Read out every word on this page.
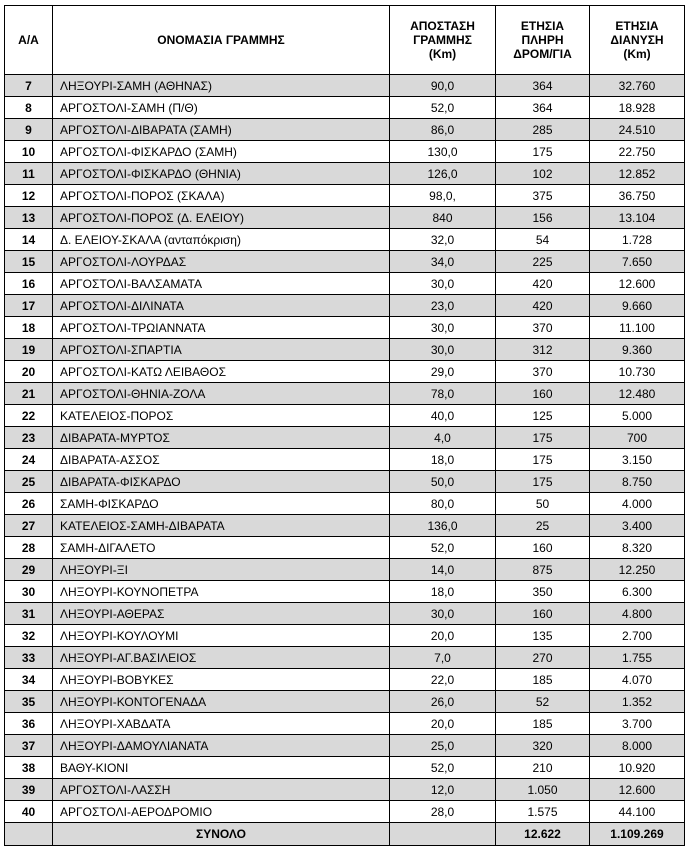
Α/Α	ΟΝΟΜΑΣΙΑ ΓΡΑΜΜΗΣ	ΑΠΟΣΤΑΣΗ
ΓΡΑΜΜΗΣ
(Km)	ΕΤΗΣΙΑ
ΠΛΗΡΗ
ΔΡΟΜ/ΓΙΑ	ΕΤΗΣΙΑ
ΔΙΑΝΥΣΗ
(Km)
7	ΛΗΞΟΥΡΙ-ΣΑΜΗ (ΑΘΗΝΑΣ)	90,0	364	32.760
8	ΑΡΓΟΣΤΟΛΙ-ΣΑΜΗ (Π/Θ)	52,0	364	18.928
9	ΑΡΓΟΣΤΟΛΙ-ΔΙΒΑΡΑΤΑ (ΣΑΜΗ)	86,0	285	24.510
10	ΑΡΓΟΣΤΟΛΙ-ΦΙΣΚΑΡΔΟ (ΣΑΜΗ)	130,0	175	22.750
11	ΑΡΓΟΣΤΟΛΙ-ΦΙΣΚΑΡΔΟ (ΘΗΝΙΑ)	126,0	102	12.852
12	ΑΡΓΟΣΤΟΛΙ-ΠΟΡΟΣ (ΣΚΑΛΑ)	98,0,	375	36.750
13	ΑΡΓΟΣΤΟΛΙ-ΠΟΡΟΣ (Δ. ΕΛΕΙΟΥ)	840	156	13.104
14	Δ. ΕΛΕΙΟΥ-ΣΚΑΛΑ (ανταπόκριση)	32,0	54	1.728
15	ΑΡΓΟΣΤΟΛΙ-ΛΟΥΡΔΑΣ	34,0	225	7.650
16	ΑΡΓΟΣΤΟΛΙ-ΒΑΛΣΑΜΑΤΑ	30,0	420	12.600
17	ΑΡΓΟΣΤΟΛΙ-ΔΙΛΙΝΑΤΑ	23,0	420	9.660
18	ΑΡΓΟΣΤΟΛΙ-ΤΡΩΙΑΝΝΑΤΑ	30,0	370	11.100
19	ΑΡΓΟΣΤΟΛΙ-ΣΠΑΡΤΙΑ	30,0	312	9.360
20	ΑΡΓΟΣΤΟΛΙ-ΚΑΤΩ ΛΕΙΒΑΘΟΣ	29,0	370	10.730
21	ΑΡΓΟΣΤΟΛΙ-ΘΗΝΙΑ-ΖΟΛΑ	78,0	160	12.480
22	ΚΑΤΕΛΕΙΟΣ-ΠΟΡΟΣ	40,0	125	5.000
23	ΔΙΒΑΡΑΤΑ-ΜΥΡΤΟΣ	4,0	175	700
24	ΔΙΒΑΡΑΤΑ-ΑΣΣΟΣ	18,0	175	3.150
25	ΔΙΒΑΡΑΤΑ-ΦΙΣΚΑΡΔΟ	50,0	175	8.750
26	ΣΑΜΗ-ΦΙΣΚΑΡΔΟ	80,0	50	4.000
27	ΚΑΤΕΛΕΙΟΣ-ΣΑΜΗ-ΔΙΒΑΡΑΤΑ	136,0	25	3.400
28	ΣΑΜΗ-ΔΙΓΑΛΕΤΟ	52,0	160	8.320
29	ΛΗΞΟΥΡΙ-ΞΙ	14,0	875	12.250
30	ΛΗΞΟΥΡΙ-ΚΟΥΝΟΠΕΤΡΑ	18,0	350	6.300
31	ΛΗΞΟΥΡΙ-ΑΘΕΡΑΣ	30,0	160	4.800
32	ΛΗΞΟΥΡΙ-ΚΟΥΛΟΥΜΙ	20,0	135	2.700
33	ΛΗΞΟΥΡΙ-ΑΓ.ΒΑΣΙΛΕΙΟΣ	7,0	270	1.755
34	ΛΗΞΟΥΡΙ-ΒΟΒΥΚΕΣ	22,0	185	4.070
35	ΛΗΞΟΥΡΙ-ΚΟΝΤΟΓΕΝΑΔΑ	26,0	52	1.352
36	ΛΗΞΟΥΡΙ-ΧΑΒΔΑΤΑ	20,0	185	3.700
37	ΛΗΞΟΥΡΙ-ΔΑΜΟΥΛΙΑΝΑΤΑ	25,0	320	8.000
38	ΒΑΘΥ-ΚΙΟΝΙ	52,0	210	10.920
39	ΑΡΓΟΣΤΟΛΙ-ΛΑΣΣΗ	12,0	1.050	12.600
40	ΑΡΓΟΣΤΟΛΙ-ΑΕΡΟΔΡΟΜΙΟ	28,0	1.575	44.100
	ΣΥΝΟΛΟ		12.622	1.109.269
